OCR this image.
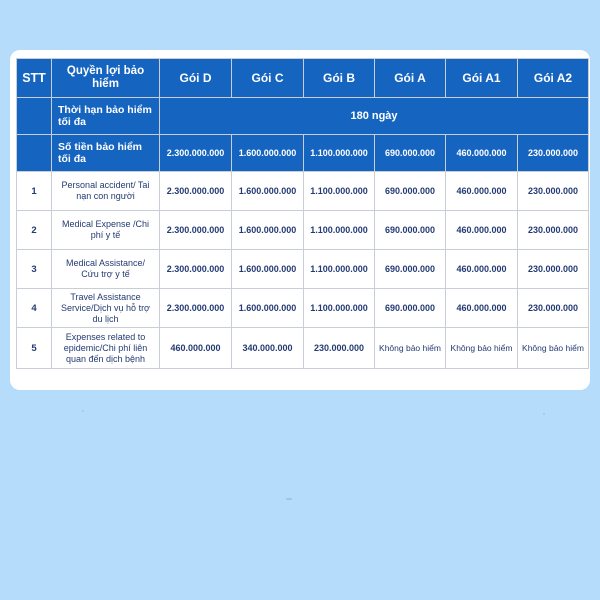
STT	Quyền lợi bảo hiểm	Gói D	Gói C	Gói B	Gói A	Gói A1	Gói A2
	Thời hạn bảo hiểm tối đa	180 ngày					
	Số tiền bảo hiểm tối đa	2.300.000.000	1.600.000.000	1.100.000.000	690.000.000	460.000.000	230.000.000
1	Personal accident/ Tai nạn con người	2.300.000.000	1.600.000.000	1.100.000.000	690.000.000	460.000.000	230.000.000
2	Medical Expense /Chi phí y tế	2.300.000.000	1.600.000.000	1.100.000.000	690.000.000	460.000.000	230.000.000
3	Medical Assistance/ Cứu trợ y tế	2.300.000.000	1.600.000.000	1.100.000.000	690.000.000	460.000.000	230.000.000
4	Travel Assistance Service/Dịch vụ hỗ trợ du lịch	2.300.000.000	1.600.000.000	1.100.000.000	690.000.000	460.000.000	230.000.000
5	Expenses related to epidemic/Chi phí liên quan đến dịch bệnh	460.000.000	340.000.000	230.000.000	Không bảo hiểm	Không bảo hiểm	Không bảo hiểm
